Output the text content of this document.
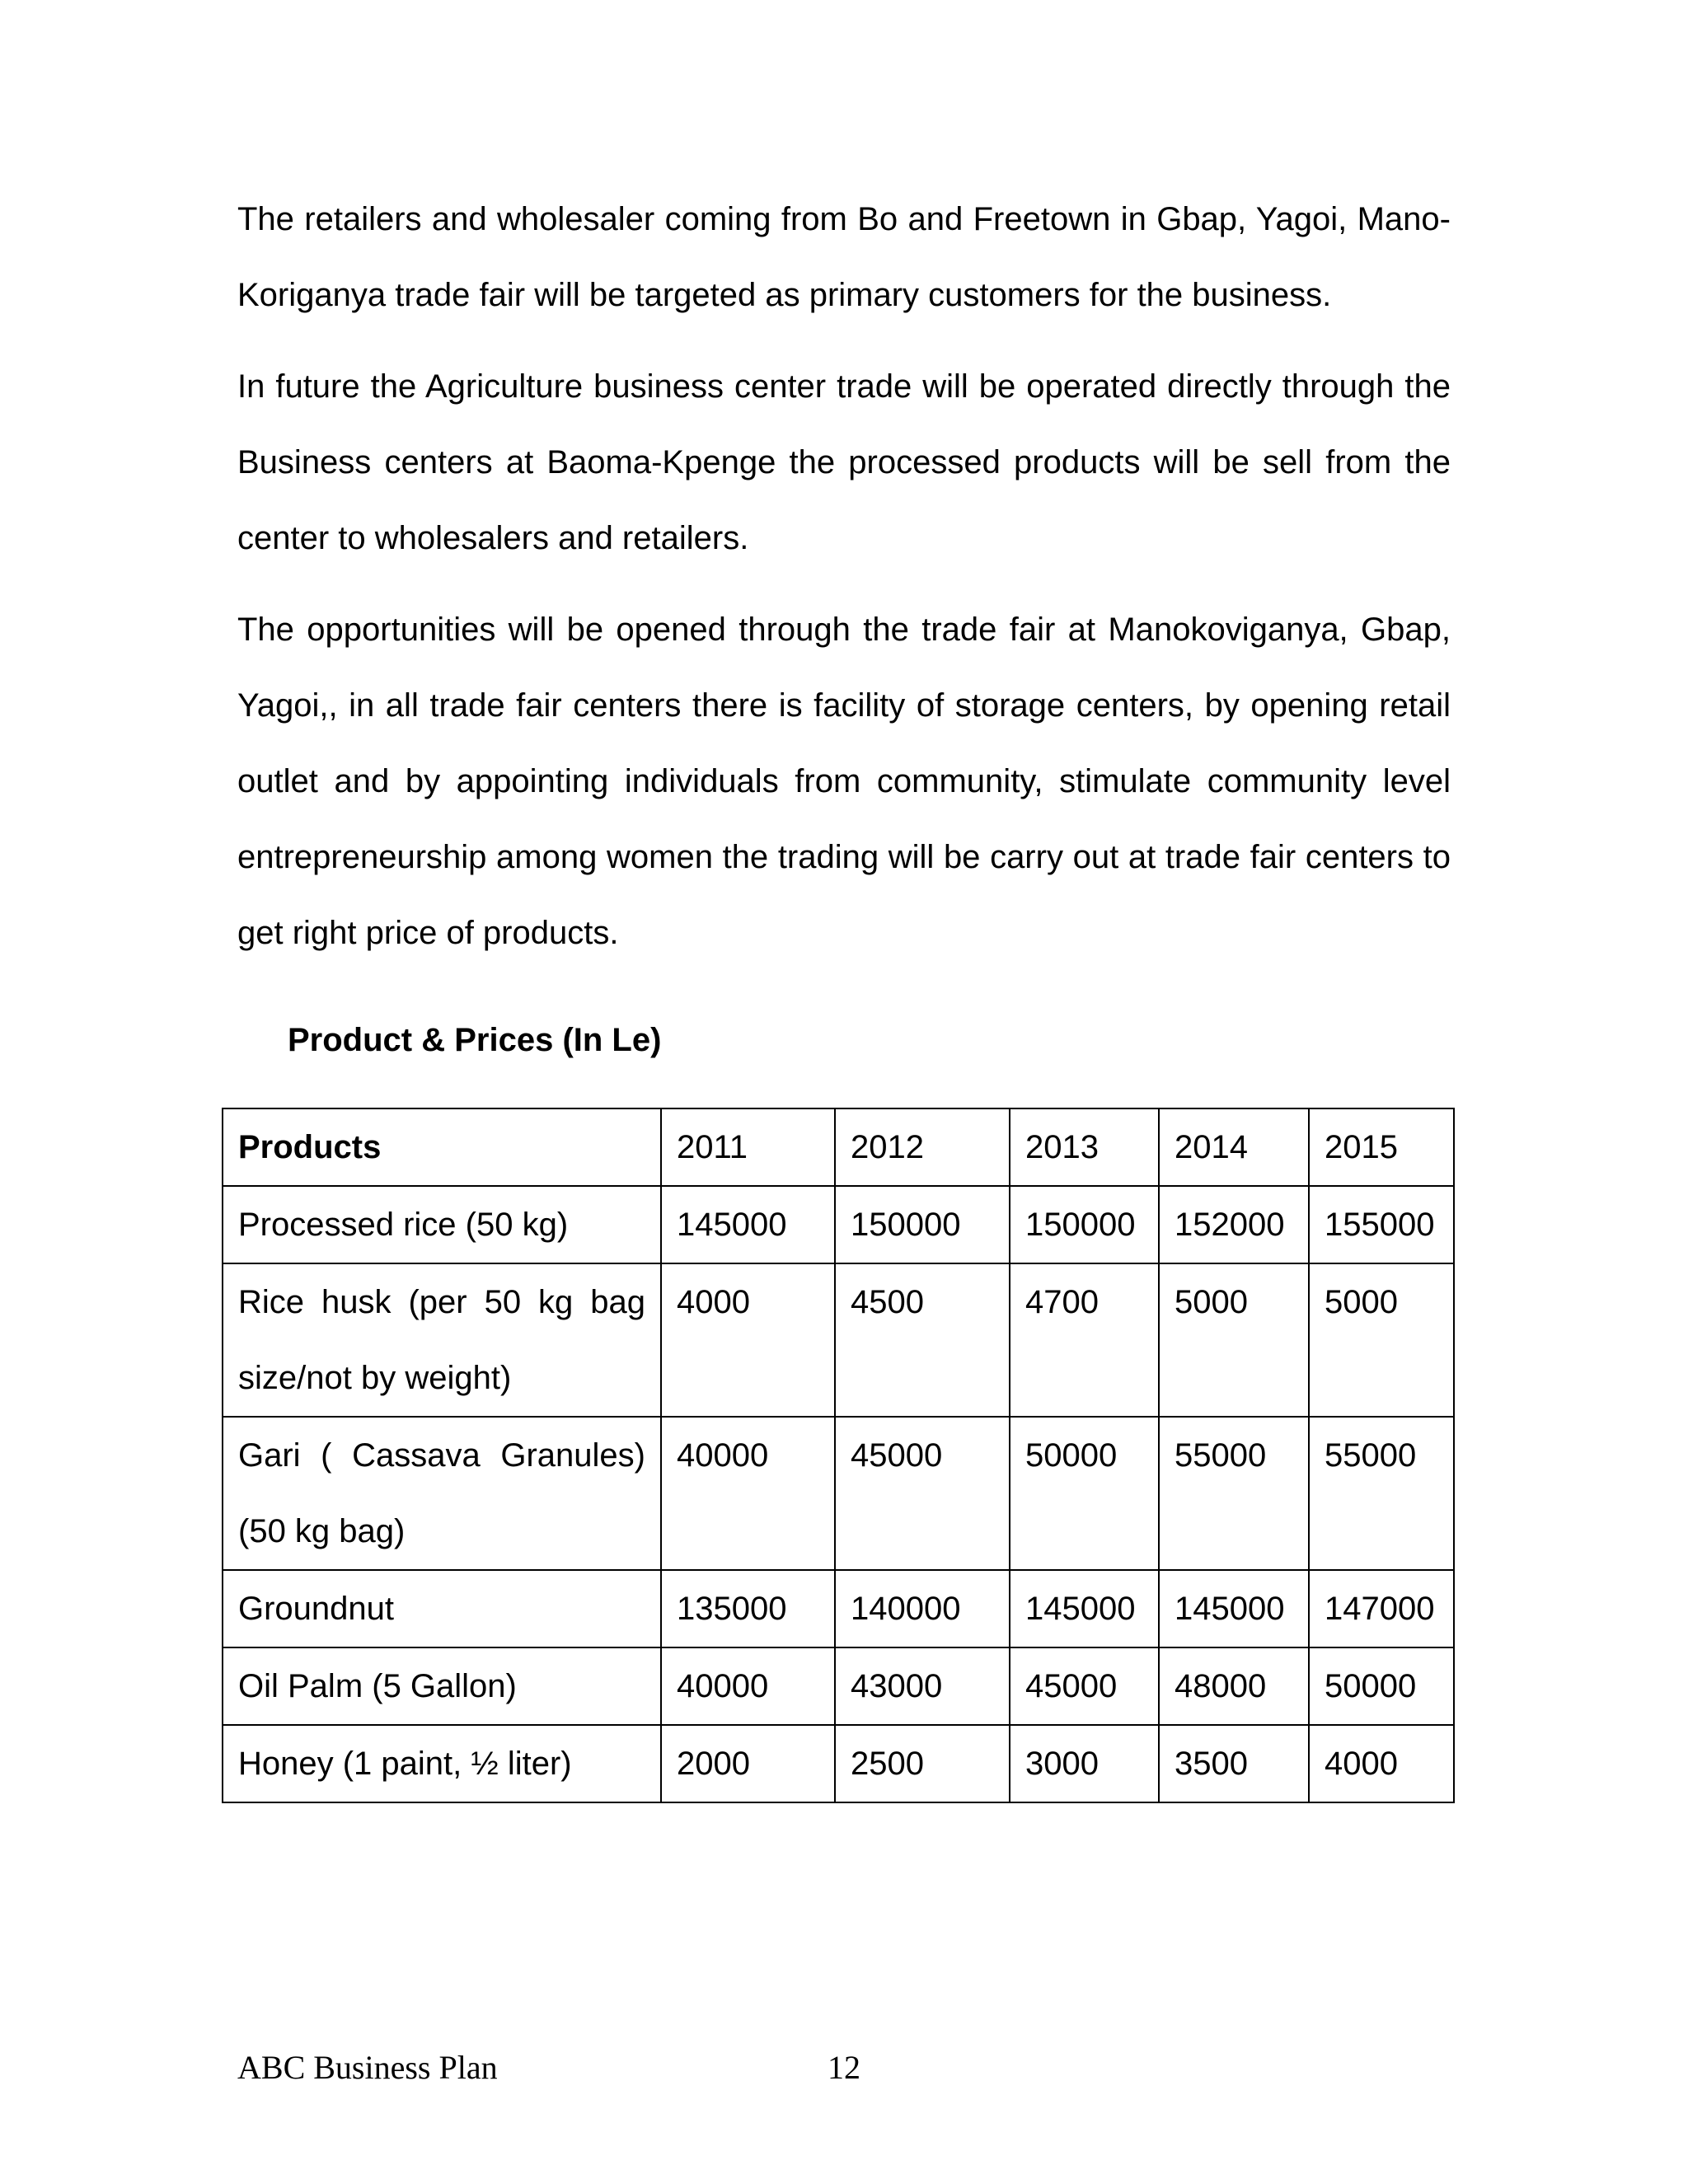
The retailers and wholesaler coming from Bo and Freetown in Gbap, Yagoi, Mano-Koriganya trade fair will be targeted as primary customers for the business.

In future the Agriculture business center trade will be operated directly through the Business centers at Baoma-Kpenge the processed products will be sell from the center to wholesalers and retailers.

The opportunities will be opened through the trade fair at Manokoviganya, Gbap, Yagoi,, in all trade fair centers there is facility of storage centers, by opening retail outlet and by appointing individuals from community, stimulate community level entrepreneurship among women the trading will be carry out at trade fair centers to get right price of products.

Product & Prices (In Le)

Products	2011	2012	2013	2014	2015
Processed rice (50 kg)	145000	150000	150000	152000	155000
Rice husk (per 50 kg bag size/not by weight)	4000	4500	4700	5000	5000
Gari ( Cassava Granules) (50 kg bag)	40000	45000	50000	55000	55000
Groundnut	135000	140000	145000	145000	147000
Oil Palm (5 Gallon)	40000	43000	45000	48000	50000
Honey (1 paint, ½ liter)	2000	2500	3000	3500	4000
ABC Business Plan	12
